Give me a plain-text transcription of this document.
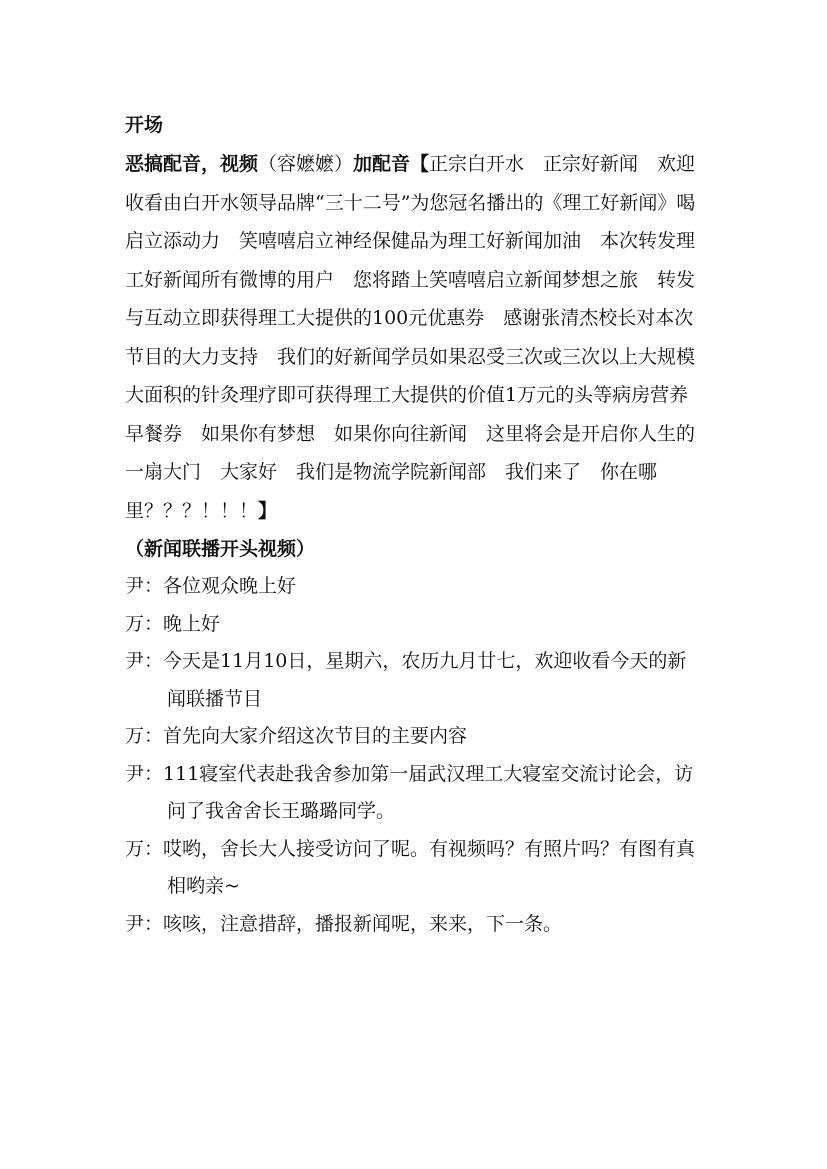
开场

恶搞配音，视频（容嬷嬷）加配音【正宗白开水　正宗好新闻　欢迎收看由白开水领导品牌“三十二号”为您冠名播出的《理工好新闻》喝启立添动力　笑嘻嘻启立神经保健品为理工好新闻加油　本次转发理工好新闻所有微博的用户　您将踏上笑嘻嘻启立新闻梦想之旅　转发与互动立即获得理工大提供的100元优惠券　感谢张清杰校长对本次节目的大力支持　我们的好新闻学员如果忍受三次或三次以上大规模大面积的针灸理疗即可获得理工大提供的价值1万元的头等病房营养早餐券　如果你有梦想　如果你向往新闻　这里将会是开启你人生的一扇大门　大家好　我们是物流学院新闻部　我们来了　你在哪里？？？！！！】

（新闻联播开头视频）

尹：各位观众晚上好

万：晚上好

尹：今天是11月10日，星期六，农历九月廿七，欢迎收看今天的新闻联播节目

万：首先向大家介绍这次节目的主要内容

尹：111寝室代表赴我舍参加第一届武汉理工大寝室交流讨论会，访问了我舍舍长王璐璐同学。

万：哎哟，舍长大人接受访问了呢。有视频吗？有照片吗？有图有真相哟亲~

尹：咳咳，注意措辞，播报新闻呢，来来，下一条。
